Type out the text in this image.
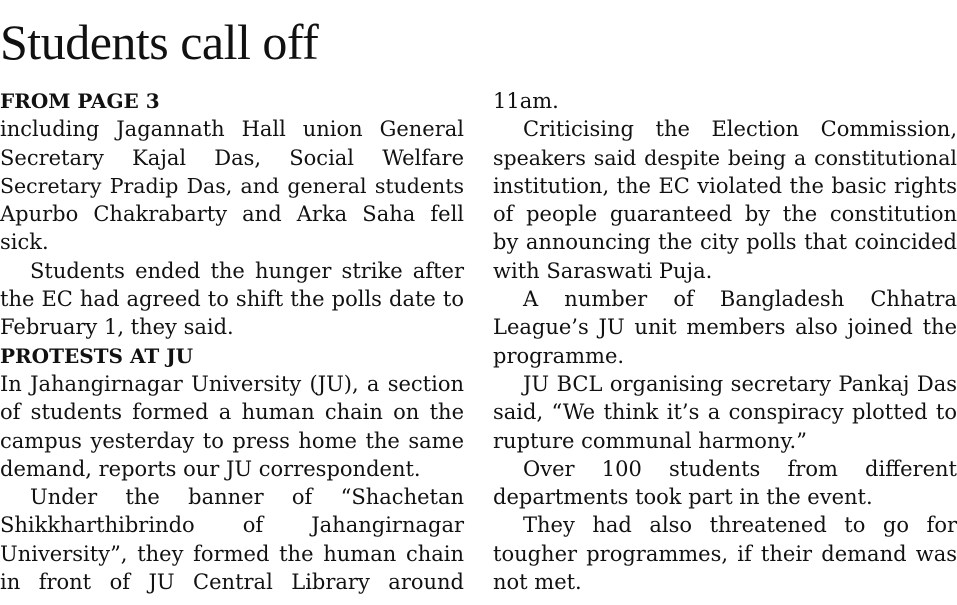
Students call off
FROM PAGE 3
including Jagannath Hall union General
Secretary Kajal Das, Social Welfare
Secretary Pradip Das, and general students
Apurbo Chakrabarty and Arka Saha fell
sick.
Students ended the hunger strike after
the EC had agreed to shift the polls date to
February 1, they said.
PROTESTS AT JU
In Jahangirnagar University (JU), a section
of students formed a human chain on the
campus yesterday to press home the same
demand, reports our JU correspondent.
Under the banner of “Shachetan
Shikkharthibrindo of Jahangirnagar
University”, they formed the human chain
in front of JU Central Library around
11am.
Criticising the Election Commission,
speakers said despite being a constitutional
institution, the EC violated the basic rights
of people guaranteed by the constitution
by announcing the city polls that coincided
with Saraswati Puja.
A number of Bangladesh Chhatra
League’s JU unit members also joined the
programme.
JU BCL organising secretary Pankaj Das
said, “We think it’s a conspiracy plotted to
rupture communal harmony.”
Over 100 students from different
departments took part in the event.
They had also threatened to go for
tougher programmes, if their demand was
not met.
